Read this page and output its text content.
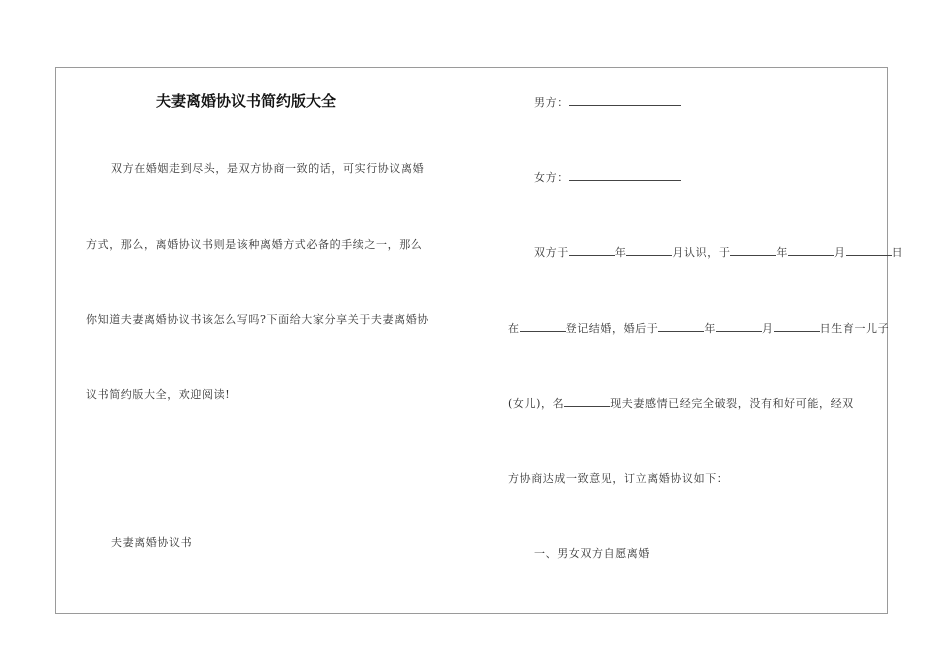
夫妻离婚协议书简约版大全
双方在婚姻走到尽头，是双方协商一致的话，可实行协议离婚
方式，那么，离婚协议书则是该种离婚方式必备的手续之一，那么
你知道夫妻离婚协议书该怎么写吗?下面给大家分享关于夫妻离婚协
议书简约版大全，欢迎阅读!
夫妻离婚协议书
男方：
女方：
双方于	年	月认识，于	年	月	日
在	登记结婚，婚后于	年	月	日生育一儿子
(女儿)，名	现夫妻感情已经完全破裂，没有和好可能，经双
方协商达成一致意见，订立离婚协议如下：
一、男女双方自愿离婚
